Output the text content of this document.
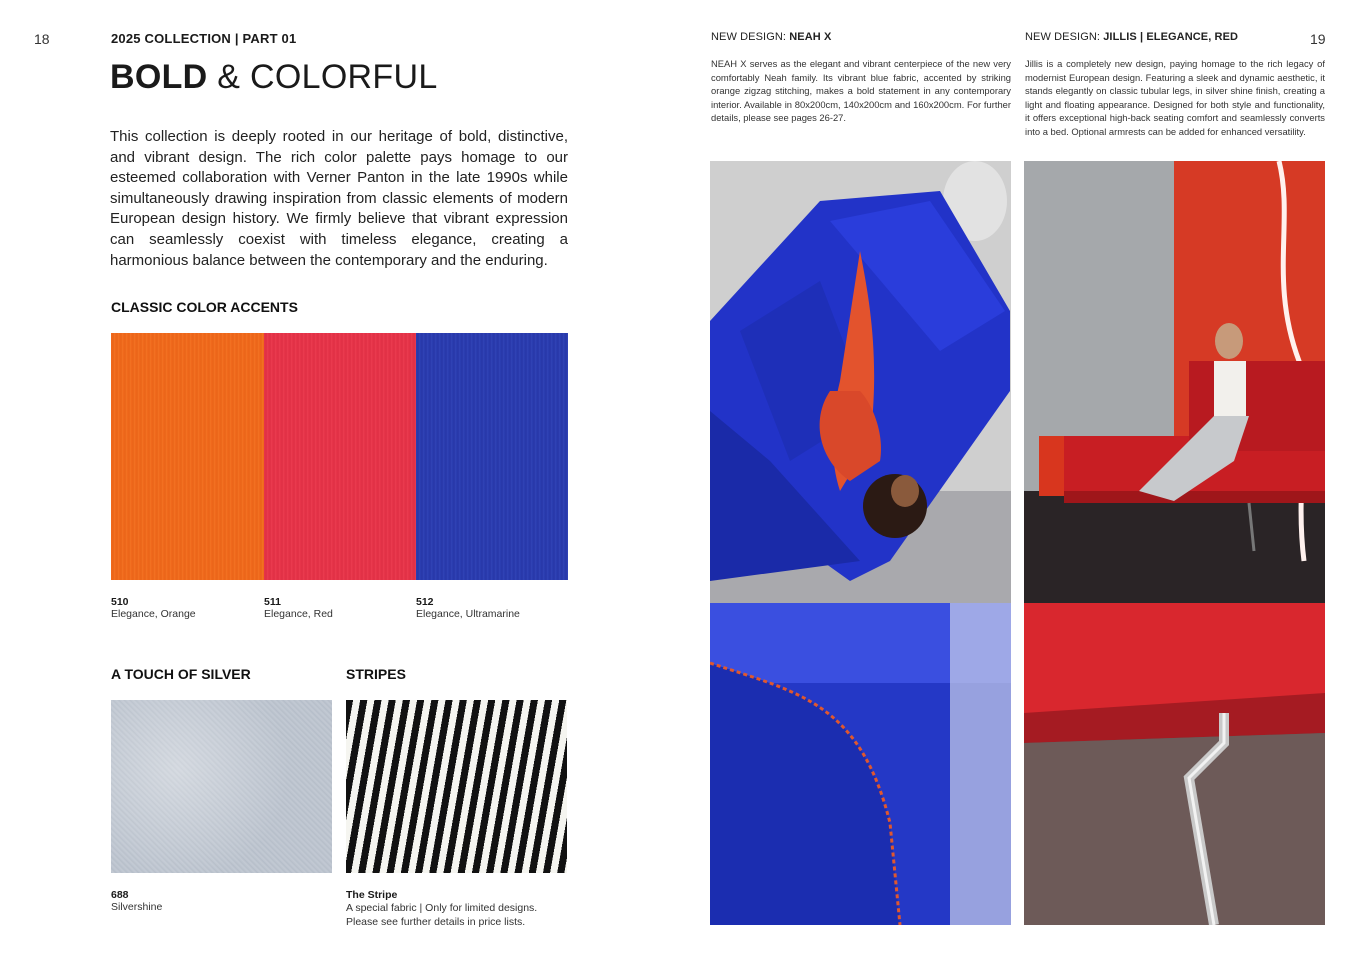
18	2025 COLLECTION | PART 01
BOLD & COLORFUL
This collection is deeply rooted in our heritage of bold, distinctive, and vibrant design. The rich color palette pays homage to our esteemed collaboration with Verner Panton in the late 1990s while simultaneously drawing inspiration from classic elements of modern European design history. We firmly believe that vibrant expression can seamlessly coexist with timeless elegance, creating a harmonious balance between the contemporary and the enduring.
CLASSIC COLOR ACCENTS
510
Elegance, Orange
511
Elegance, Red
512
Elegance, Ultramarine
A TOUCH OF SILVER	STRIPES
688
Silvershine
The Stripe
A special fabric | Only for limited designs. Please see further details in price lists.
NEW DESIGN: NEAH X	NEW DESIGN: JILLIS | ELEGANCE, RED	19
NEAH X serves as the elegant and vibrant centerpiece of the new very comfortably Neah family. Its vibrant blue fabric, accented by striking orange zigzag stitching, makes a bold statement in any contemporary interior. Available in 80x200cm, 140x200cm and 160x200cm. For further details, please see pages 26-27.
Jillis is a completely new design, paying homage to the rich legacy of modernist European design. Featuring a sleek and dynamic aesthetic, it stands elegantly on classic tubular legs, in silver shine finish, creating a light and floating appearance. Designed for both style and functionality, it offers exceptional high-back seating comfort and seamlessly converts into a bed. Optional armrests can be added for enhanced versatility.
